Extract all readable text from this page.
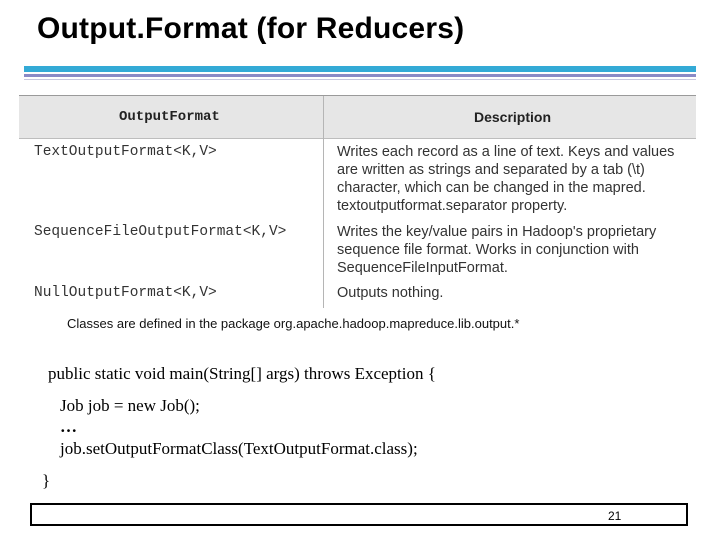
Output.Format (for Reducers)
OutputFormat	Description
TextOutputFormat<K,V>	Writes each record as a line of text. Keys and values
are written as strings and separated by a tab (\t)
character, which can be changed in the mapred.
textoutputformat.separator property.
SequenceFileOutputFormat<K,V>	Writes the key/value pairs in Hadoop's proprietary
sequence file format. Works in conjunction with
SequenceFileInputFormat.
NullOutputFormat<K,V>	Outputs nothing.
Classes are defined in the package org.apache.hadoop.mapreduce.lib.output.*
public static void main(String[] args) throws Exception {
Job job = new Job();
…
job.setOutputFormatClass(TextOutputFormat.class);
}
21
